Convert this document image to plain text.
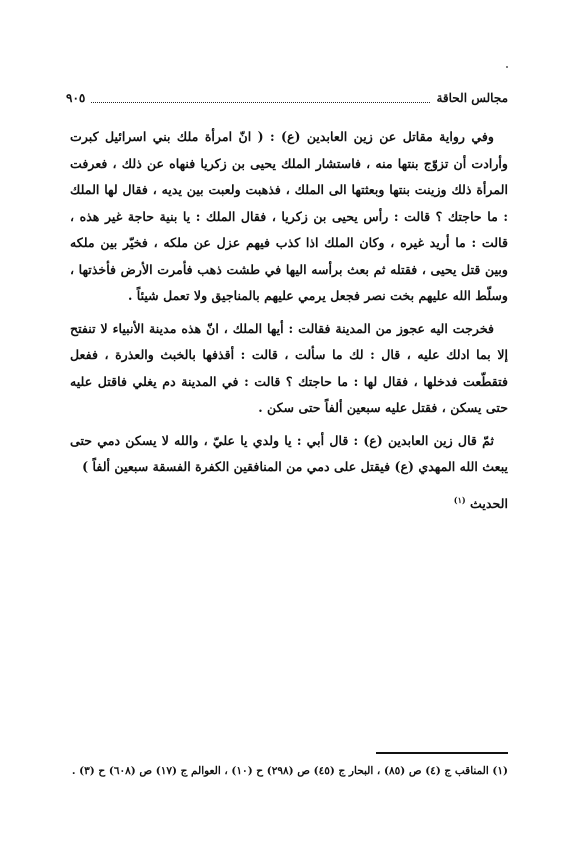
مجالس الحاقة
٩٠٥

وفي رواية مقاتل عن زين العابدين (ع) : ( انّ امرأة ملك بني اسرائيل كبرت وأرادت أن تزوّج بنتها منه ، فاستشار الملك يحيى بن زكريا فنهاه عن ذلك ، فعرفت المرأة ذلك وزينت بنتها وبعثتها الى الملك ، فذهبت ولعبت بين يديه ، فقال لها الملك : ما حاجتك ؟ قالت : رأس يحيى بن زكريا ، فقال الملك : يا بنية حاجة غير هذه ، قالت : ما أريد غيره ، وكان الملك اذا كذب فيهم عزل عن ملكه ، فخيّر بين ملكه وبين قتل يحيى ، فقتله ثم بعث برأسه اليها في طشت ذهب فأمرت الأرض فأخذتها ، وسلّط الله عليهم بخت نصر فجعل يرمي عليهم بالمناجيق ولا تعمل شيئاً .

فخرجت اليه عجوز من المدينة فقالت : أيها الملك ، انّ هذه مدينة الأنبياء لا تنفتح إلا بما ادلك عليه ، قال : لك ما سألت ، قالت : أقذفها بالخبث والعذرة ، ففعل فتقطّعت فدخلها ، فقال لها : ما حاجتك ؟ قالت : في المدينة دم يغلي فاقتل عليه حتى يسكن ، فقتل عليه سبعين ألفاً حتى سكن .

ثمّ قال زين العابدين (ع) : قال أبي : يا ولدي يا عليّ ، والله لا يسكن دمي حتى يبعث الله المهدي (ع) فيقتل على دمي من المنافقين الكفرة الفسقة سبعين ألفاً )

الحديث $^{(١)}$

(١) المناقب ج (٤) ص (٨٥) ، البحار ج (٤٥) ص (٢٩٨) ح (١٠) ، العوالم ج (١٧) ص (٦٠٨) ح (٣) .
